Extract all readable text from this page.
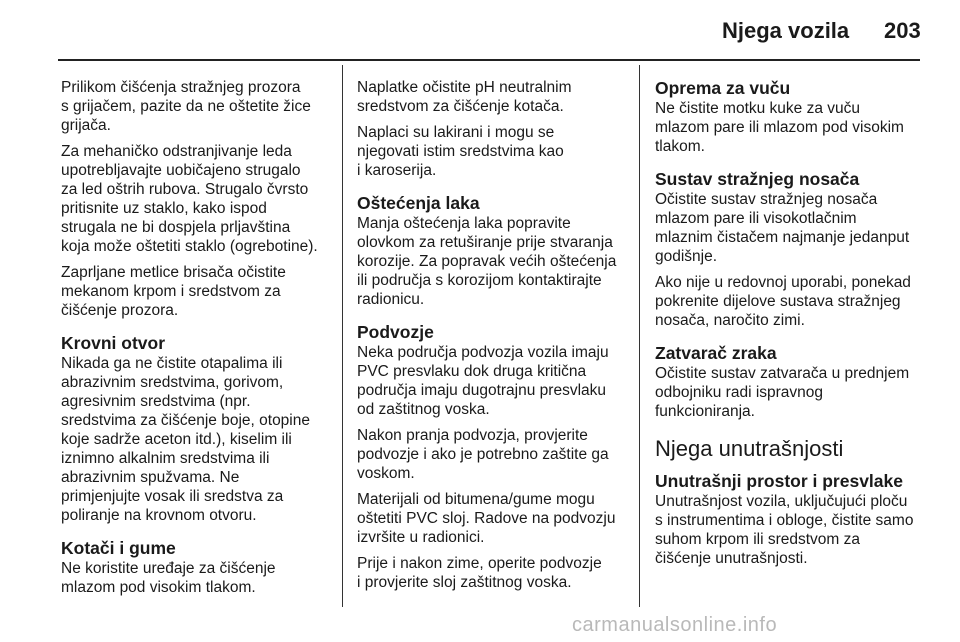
Njega vozila 203

Prilikom čišćenja stražnjeg prozora
s grijačem, pazite da ne oštetite žice
grijača.

Za mehaničko odstranjivanje leda
upotrebljavajte uobičajeno strugalo
za led oštrih rubova. Strugalo čvrsto
pritisnite uz staklo, kako ispod
strugala ne bi dospjela prljavština
koja može oštetiti staklo (ogrebotine).

Zaprljane metlice brisača očistite
mekanom krpom i sredstvom za
čišćenje prozora.

Krovni otvor

Nikada ga ne čistite otapalima ili
abrazivnim sredstvima, gorivom,
agresivnim sredstvima (npr.
sredstvima za čišćenje boje, otopine
koje sadrže aceton itd.), kiselim ili
iznimno alkalnim sredstvima ili
abrazivnim spužvama. Ne
primjenjujte vosak ili sredstva za
poliranje na krovnom otvoru.

Kotači i gume

Ne koristite uređaje za čišćenje
mlazom pod visokim tlakom.

Naplatke očistite pH neutralnim
sredstvom za čišćenje kotača.

Naplaci su lakirani i mogu se
njegovati istim sredstvima kao
i karoserija.

Oštećenja laka

Manja oštećenja laka popravite
olovkom za retuširanje prije stvaranja
korozije. Za popravak većih oštećenja
ili područja s korozijom kontaktirajte
radionicu.

Podvozje

Neka područja podvozja vozila imaju
PVC presvlaku dok druga kritična
područja imaju dugotrajnu presvlaku
od zaštitnog voska.

Nakon pranja podvozja, provjerite
podvozje i ako je potrebno zaštite ga
voskom.

Materijali od bitumena/gume mogu
oštetiti PVC sloj. Radove na podvozju
izvršite u radionici.

Prije i nakon zime, operite podvozje
i provjerite sloj zaštitnog voska.

Oprema za vuču

Ne čistite motku kuke za vuču
mlazom pare ili mlazom pod visokim
tlakom.

Sustav stražnjeg nosača

Očistite sustav stražnjeg nosača
mlazom pare ili visokotlačnim
mlaznim čistačem najmanje jedanput
godišnje.

Ako nije u redovnoj uporabi, ponekad
pokrenite dijelove sustava stražnjeg
nosača, naročito zimi.

Zatvarač zraka

Očistite sustav zatvarača u prednjem
odbojniku radi ispravnog
funkcioniranja.

Njega unutrašnjosti
Unutrašnji prostor i presvlake

Unutrašnjost vozila, uključujući ploču
s instrumentima i obloge, čistite samo
suhom krpom ili sredstvom za
čišćenje unutrašnjosti.

carmanualsonline.info
